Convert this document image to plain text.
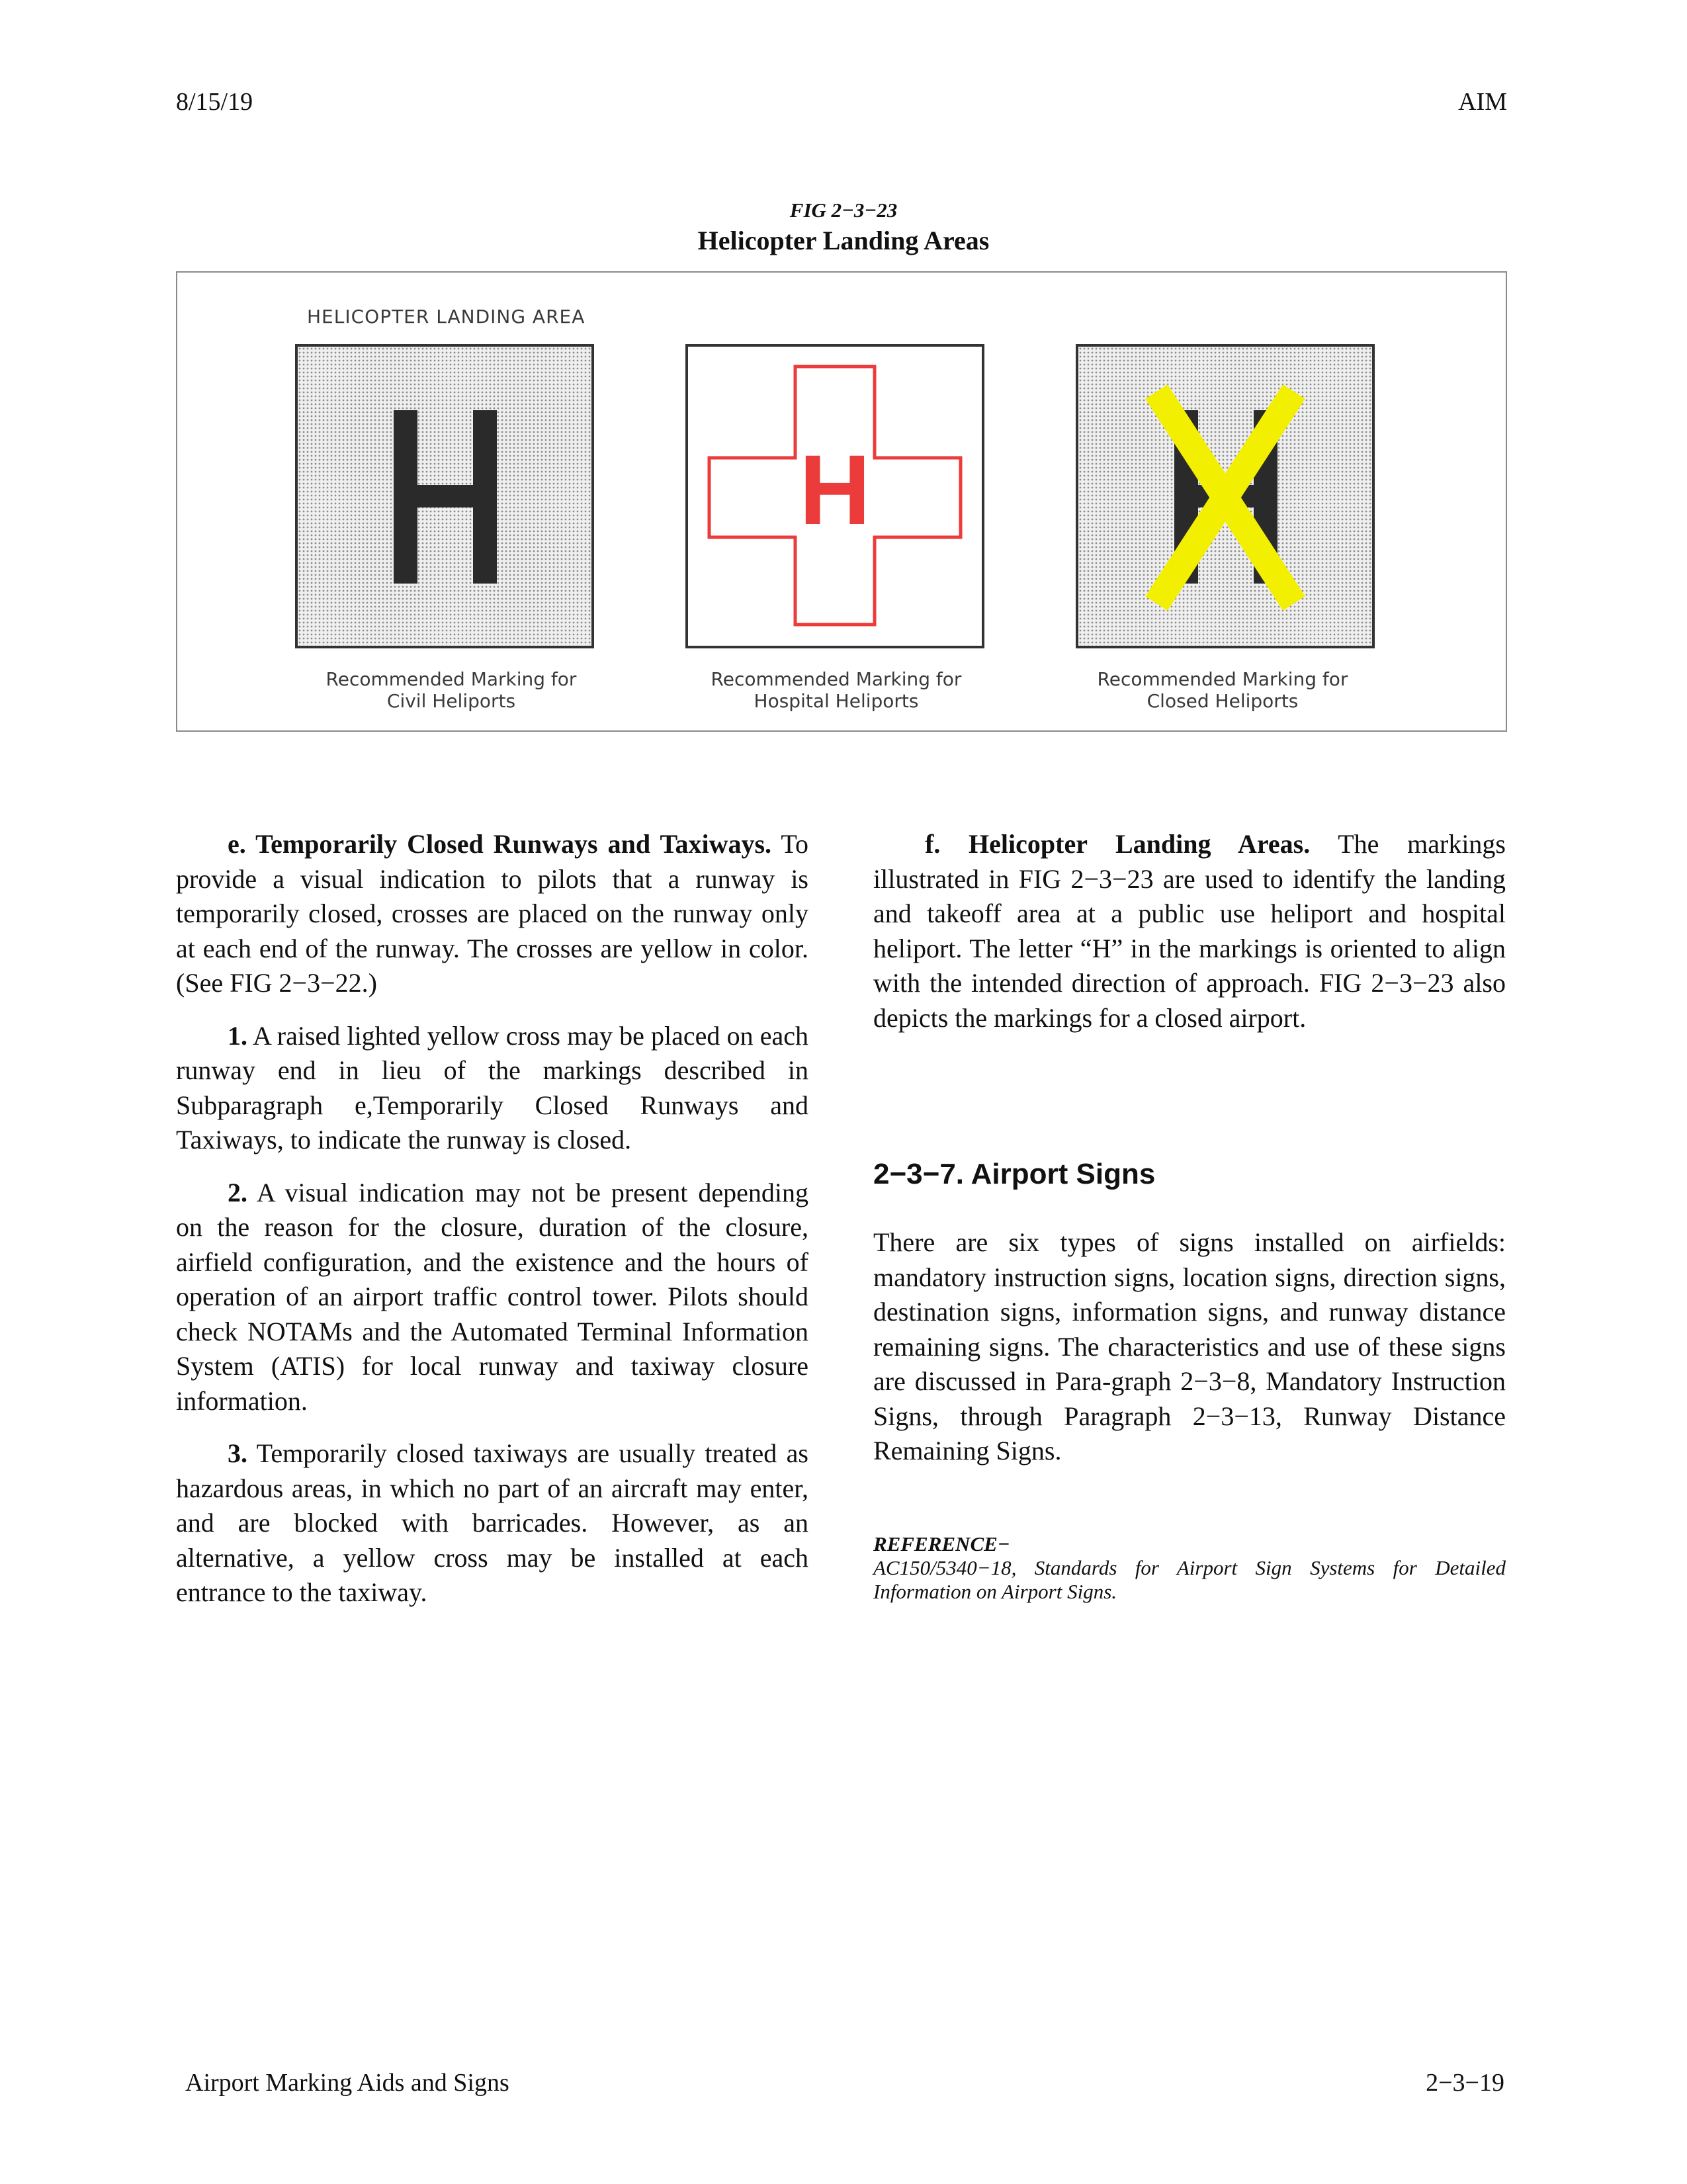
8/15/19	AIM
FIG 2−3−23
Helicopter Landing Areas
HELICOPTER LANDING AREA
H
Recommended Marking for
Civil Heliports
H
Recommended Marking for
Hospital Heliports
H
Recommended Marking for
Closed Heliports

e. Temporarily Closed Runways and Taxiways. To provide a visual indication to pilots that a runway is temporarily closed, crosses are placed on the runway only at each end of the runway. The crosses are yellow in color. (See FIG 2−3−22.)

1. A raised lighted yellow cross may be placed on each runway end in lieu of the markings described in Subparagraph e,Temporarily Closed Runways and Taxiways, to indicate the runway is closed.

2. A visual indication may not be present depending on the reason for the closure, duration of the closure, airfield configuration, and the existence and the hours of operation of an airport traffic control tower. Pilots should check NOTAMs and the Automated Terminal Information System (ATIS) for local runway and taxiway closure information.

3. Temporarily closed taxiways are usually treated as hazardous areas, in which no part of an aircraft may enter, and are blocked with barricades. However, as an alternative, a yellow cross may be installed at each entrance to the taxiway.

f. Helicopter Landing Areas. The markings illustrated in FIG 2−3−23 are used to identify the landing and takeoff area at a public use heliport and hospital heliport. The letter “H” in the markings is oriented to align with the intended direction of approach. FIG 2−3−23 also depicts the markings for a closed airport.

2−3−7. Airport Signs

There are six types of signs installed on airfields: mandatory instruction signs, location signs, direction signs, destination signs, information signs, and runway distance remaining signs. The characteristics and use of these signs are discussed in Para-graph 2−3−8, Mandatory Instruction Signs, through Paragraph 2−3−13, Runway Distance Remaining Signs.

REFERENCE−
AC150/5340−18, Standards for Airport Sign Systems for Detailed Information on Airport Signs.
Airport Marking Aids and Signs	2−3−19
